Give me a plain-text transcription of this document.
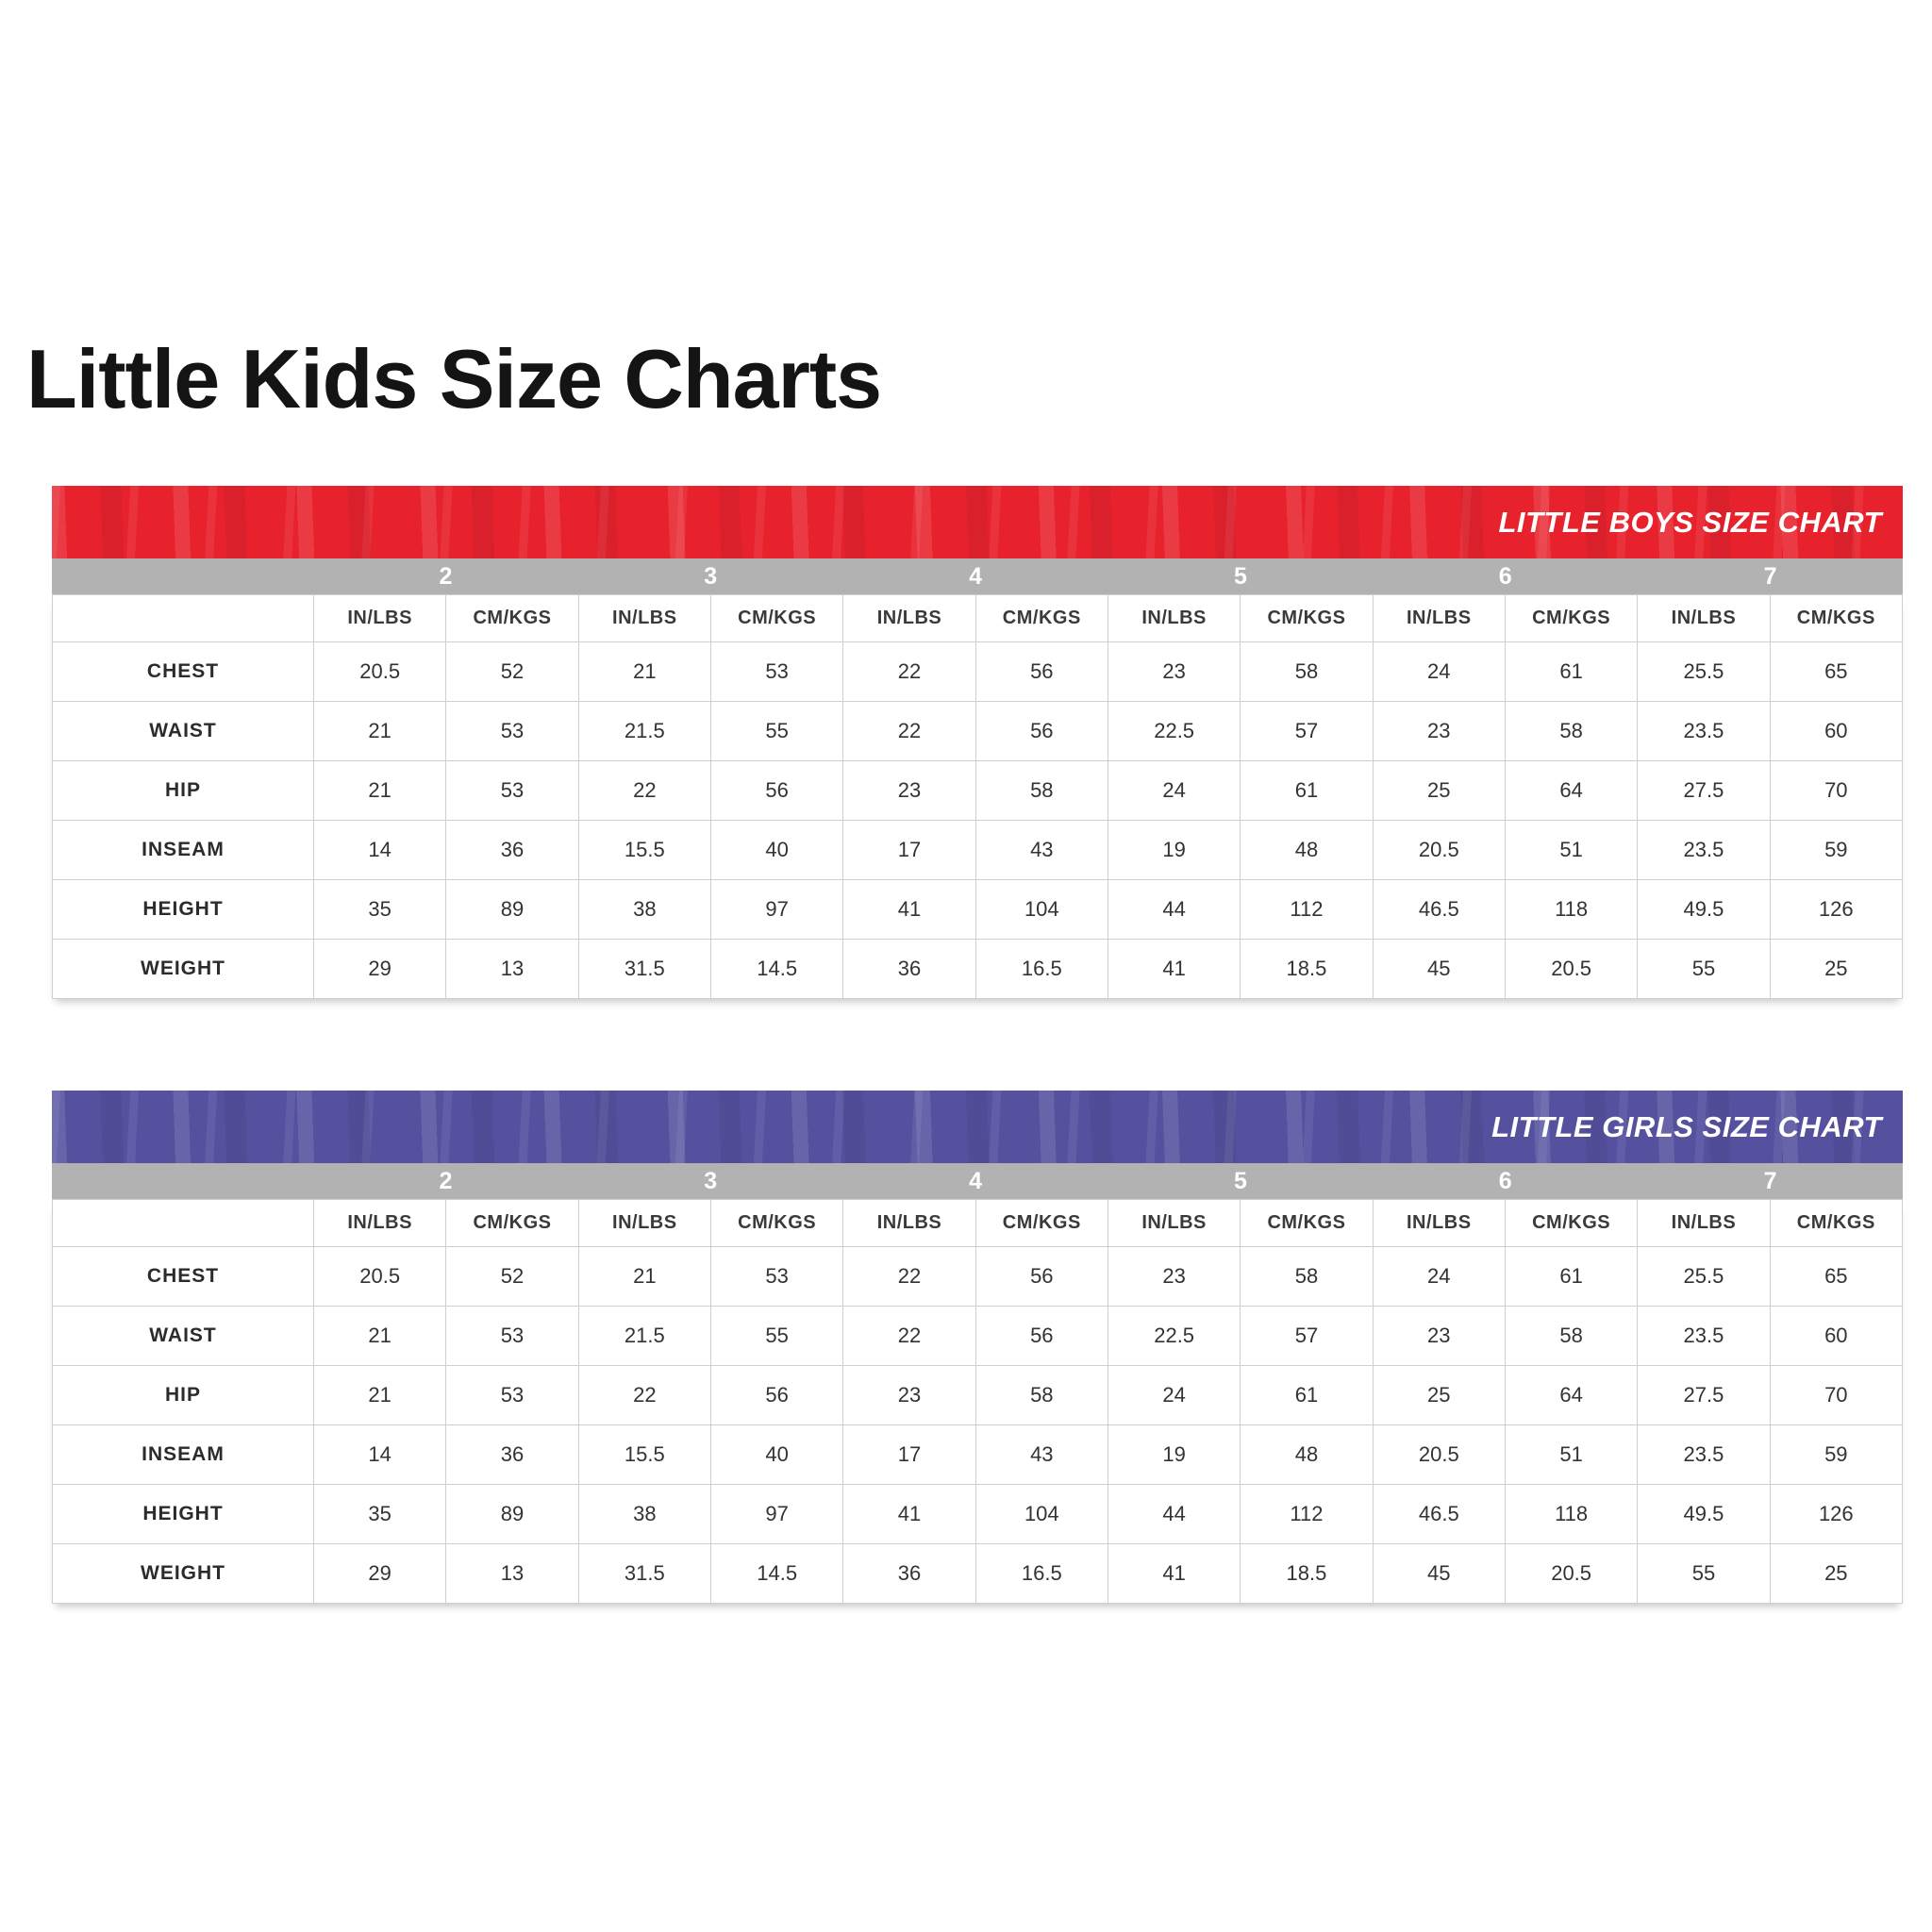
Little Kids Size Charts
LITTLE BOYS SIZE CHART
2	3	4	5	6	7
	IN/LBS	CM/KGS	IN/LBS	CM/KGS	IN/LBS	CM/KGS	IN/LBS	CM/KGS	IN/LBS	CM/KGS	IN/LBS	CM/KGS
CHEST	20.5	52	21	53	22	56	23	58	24	61	25.5	65
WAIST	21	53	21.5	55	22	56	22.5	57	23	58	23.5	60
HIP	21	53	22	56	23	58	24	61	25	64	27.5	70
INSEAM	14	36	15.5	40	17	43	19	48	20.5	51	23.5	59
HEIGHT	35	89	38	97	41	104	44	112	46.5	118	49.5	126
WEIGHT	29	13	31.5	14.5	36	16.5	41	18.5	45	20.5	55	25
LITTLE GIRLS SIZE CHART
2	3	4	5	6	7
	IN/LBS	CM/KGS	IN/LBS	CM/KGS	IN/LBS	CM/KGS	IN/LBS	CM/KGS	IN/LBS	CM/KGS	IN/LBS	CM/KGS
CHEST	20.5	52	21	53	22	56	23	58	24	61	25.5	65
WAIST	21	53	21.5	55	22	56	22.5	57	23	58	23.5	60
HIP	21	53	22	56	23	58	24	61	25	64	27.5	70
INSEAM	14	36	15.5	40	17	43	19	48	20.5	51	23.5	59
HEIGHT	35	89	38	97	41	104	44	112	46.5	118	49.5	126
WEIGHT	29	13	31.5	14.5	36	16.5	41	18.5	45	20.5	55	25
